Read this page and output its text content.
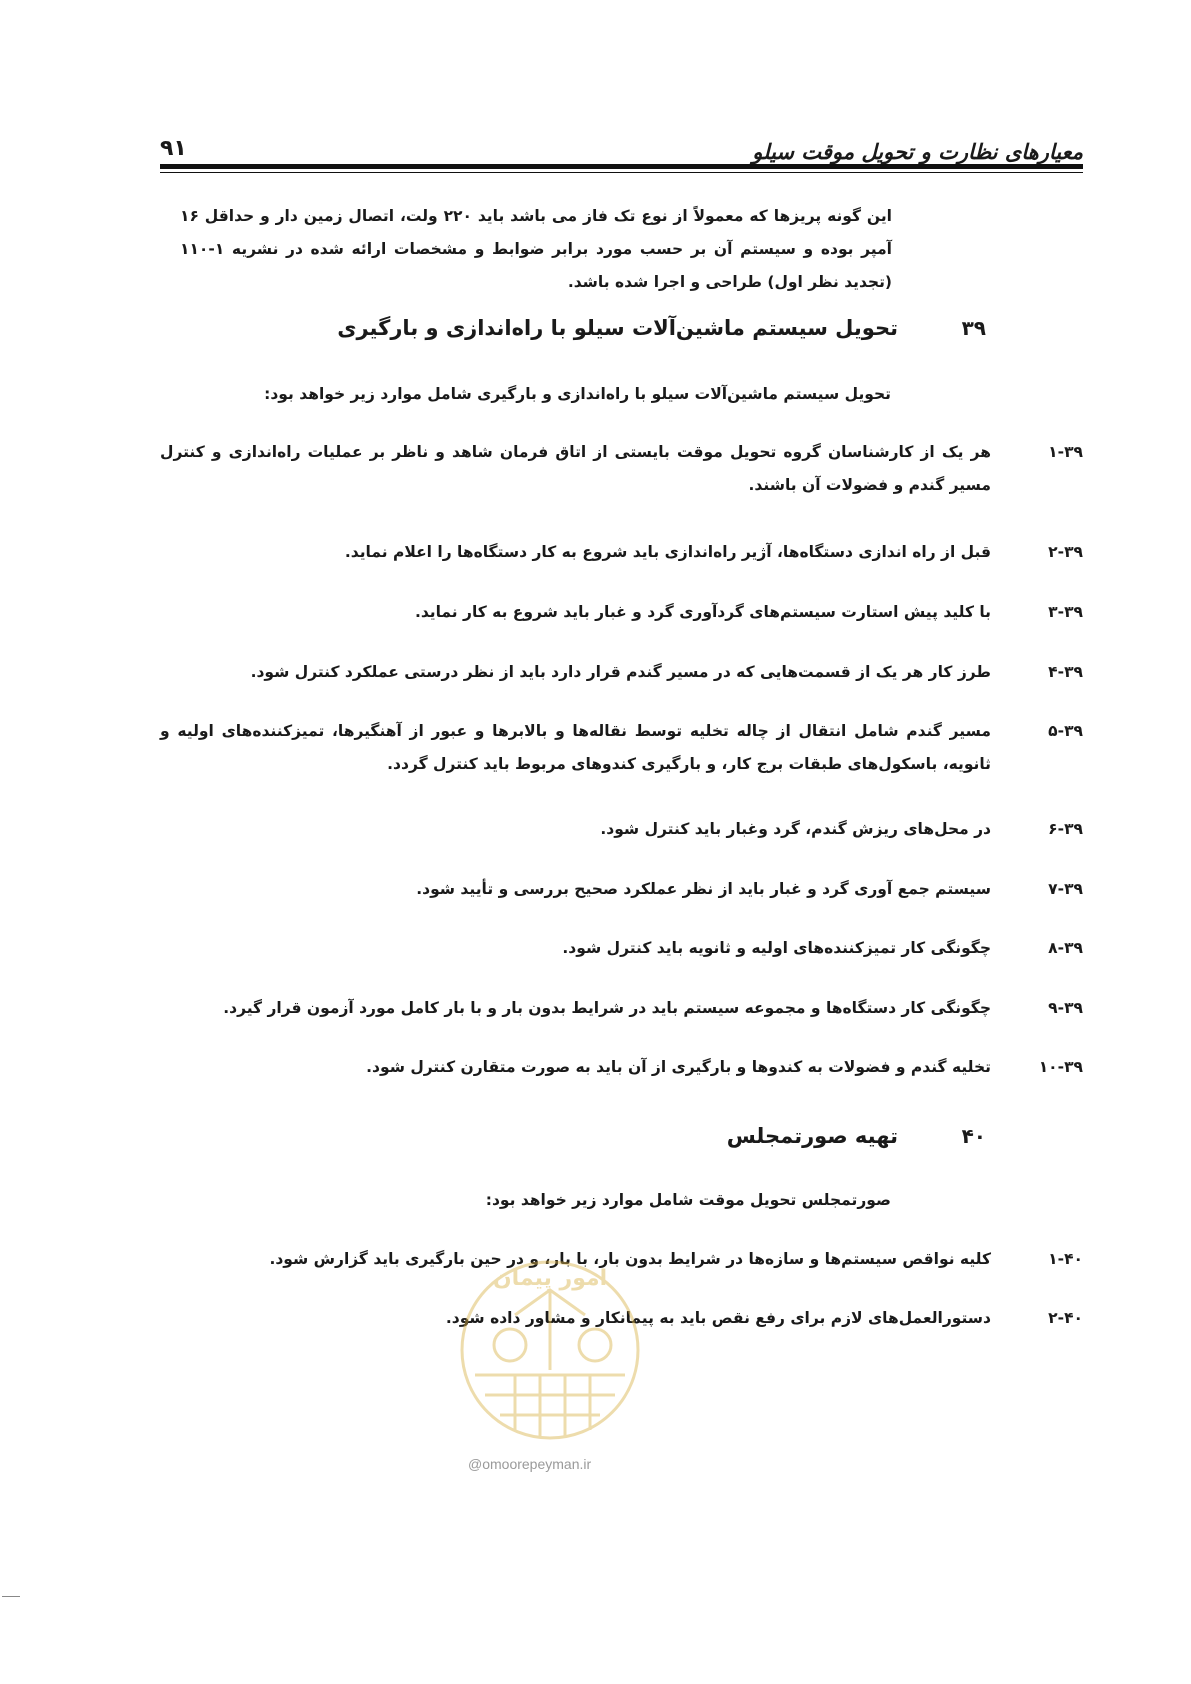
معیارهای نظارت و تحویل موقت سیلو
۹۱
این گونه پریزها که معمولاً از نوع تک فاز می باشد باید ۲۲۰ ولت، اتصال زمین دار و حداقل ۱۶ آمپر بوده و سیستم آن بر حسب مورد برابر ضوابط و مشخصات ارائه شده در نشریه ۱-۱۱۰ (تجدید نظر اول) طراحی و اجرا شده باشد.
۳۹
تحویل سیستم ماشین‌آلات سیلو با راه‌اندازی و بارگیری
تحویل سیستم ماشین‌آلات سیلو با راه‌اندازی و بارگیری شامل موارد زیر خواهد بود:
۱-۳۹
هر یک از کارشناسان گروه تحویل موقت بایستی از اتاق فرمان شاهد و ناظر بر عملیات راه‌اندازی و کنترل مسیر گندم و فضولات آن باشند.
۲-۳۹
قبل از راه اندازی دستگاه‌ها، آژیر راه‌اندازی باید شروع به کار دستگاه‌ها را اعلام نماید.
۳-۳۹
با کلید پیش استارت سیستم‌های گردآوری گرد و غبار باید شروع به کار نماید.
۴-۳۹
طرز کار هر یک از قسمت‌هایی که در مسیر گندم قرار دارد باید از نظر درستی عملکرد کنترل شود.
۵-۳۹
مسیر گندم شامل انتقال از چاله تخلیه توسط نقاله‌ها و بالابرها و عبور از آهنگیرها، تمیزکننده‌های اولیه و ثانویه، باسکول‌های طبقات برج کار، و بارگیری کندوهای مربوط باید کنترل گردد.
۶-۳۹
در محل‌های ریزش گندم، گرد وغبار باید کنترل شود.
۷-۳۹
سیستم جمع آوری گرد و غبار باید از نظر عملکرد صحیح بررسی و تأیید شود.
۸-۳۹
چگونگی کار تمیزکننده‌های اولیه و ثانویه باید کنترل شود.
۹-۳۹
چگونگی کار دستگاه‌ها و مجموعه سیستم باید در شرایط بدون بار و با بار کامل مورد آزمون قرار گیرد.
۱۰-۳۹
تخلیه گندم و فضولات به کندوها و بارگیری از آن باید به صورت متقارن کنترل شود.
۴۰
تهیه صورتمجلس
صورتمجلس تحویل موقت شامل موارد زیر خواهد بود:
۱-۴۰
کلیه نواقص سیستم‌ها و سازه‌ها در شرایط بدون بار، با بار، و در حین بارگیری باید گزارش شود.
۲-۴۰
دستورالعمل‌های لازم برای رفع نقص باید به پیمانکار و مشاور داده شود.
امور پیمان
@omoorepeyman.ir
